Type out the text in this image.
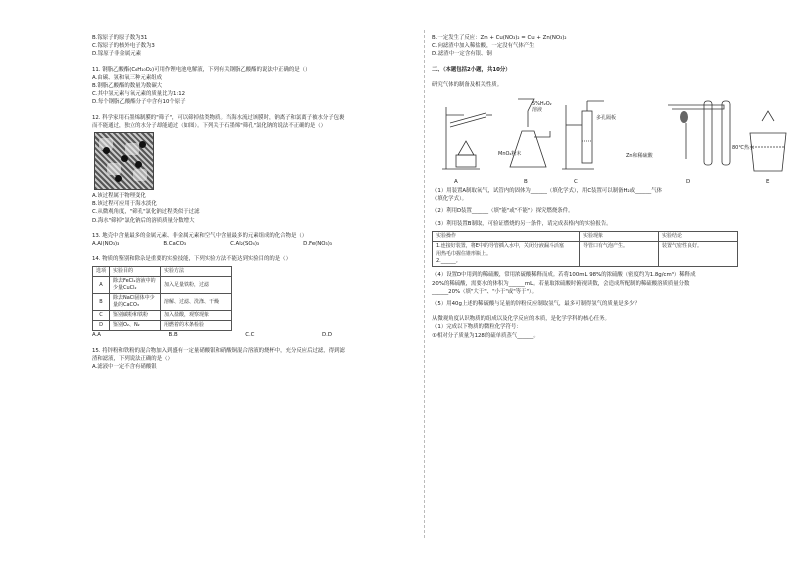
B.镓原子的原子数为31
C.镓原子的核外电子数为3
D.镓原子非金属元素
11. 钢脂乙酸酯(C₆H₁₀O₂)可用作锂电池电解液，下列有关钢脂乙酸酯的说法中正确的是（）
A.由碳、氢和氧三种元素组成
B.钢脂乙酸酯的数量为数碳大
C.其中氢元素与氧元素的质量比为1:12
D.每个钢脂乙酸酯分子中含有10个原子
12. 科学家用石墨烯制膜的"筛子"，可以筛掉盐类物质。当海水流过该膜时，钠离子和氯离子被水分子包裹
而不能通过，独立的水分子却能通过（如图）。下列关于石墨烯"筛孔"氯化钠的说法不正确的是（）
A.该过程属于物理变化
B.该过程可应用于海水淡化
C.从微观角度，"筛孔"氯化钠过程类似于过滤
D.海水"筛掉"氯化钠后的溶质质量分数增大
13. 地壳中含量最多的金属元素、非金属元素和空气中含量最多的元素组成的化合物是（）
A.Al(NO₃)₃	B.CaCO₃	C.Al₂(SO₄)₃	D.Fe(NO₃)₃
14. 物质的鉴别和除杂是重要的实验技能，下列实验方法不能达到实验目的的是（）
选项	实验目的	实验方法
A	除去FeCl₂溶液中的少量CuCl₂	加入足量铁粉，过滤
B	除去NaCl固体中少量的CaCO₃	溶解、过滤、洗涤、干燥
C	鉴别碳粉和铁粉	加入盐酸，观察现象
D	鉴别O₂、N₂	用燃着的木条检验
A.A	B.B	C.C	D.D
15. 将锌粉和铁粉的混合物加入到盛有一定量硝酸银和硝酸铜混合溶液的烧杯中，充分反应后过滤，得到滤
渣和滤液，下列说法正确的是（）
A.滤液中一定不含有硝酸银
B.一定发生了反应：Zn + Cu(NO₃)₂ = Cu + Zn(NO₃)₂
C.向滤渣中加入稀盐酸，一定没有气体产生
D.滤渣中一定含有银、铜
二、（本题包括2小题，共10分）
研究气体的制备及相关性质。
MnO₂粉末
5%H₂O₂
溶液
多孔隔板
Zn和稀硫酸
80℃热水
A	B	C	D	E
（1）用装置A制取氧气，试管内的固体为______（填化学式），用C装置可以制备H₂或______气体
（填化学式）。
（2）利用D装置______（填"能"或"不能"）探究燃烧条件。
（3）利用装置B制取，可验证燃烧的另一条件，请完成表格内的实验报告。
实验操作	实验现象	实验结论

1.连接好装置，将E中的导管插入水中，关闭分液漏斗活塞
用热毛巾握住锥形瓶上。
2.______。	导管口有气泡产生。	装置气密性良好。
（4）设置D中用到的稀硫酸，常用浓硫酸稀释而成。若将100mL 98%的浓硫酸（密度约为1.8g/cm³）稀释成
20%的稀硫酸，需要水的体积为______mL。若量取浓硫酸时俯视读数，会造成所配制的稀硫酸溶质质量分数
______20%（填"大于"、"小于"或"等于"）。
（5）用40g上述的稀硫酸与足量的锌粉反应制取氢气，最多可制得氢气的质量是多少？
从微观角度认识物质的组成以及化学反应的本质，是化学学科的核心任务。
（1）完成以下物质的微粒化学符号：
①相对分子质量为128的硫单质蒸气______。
